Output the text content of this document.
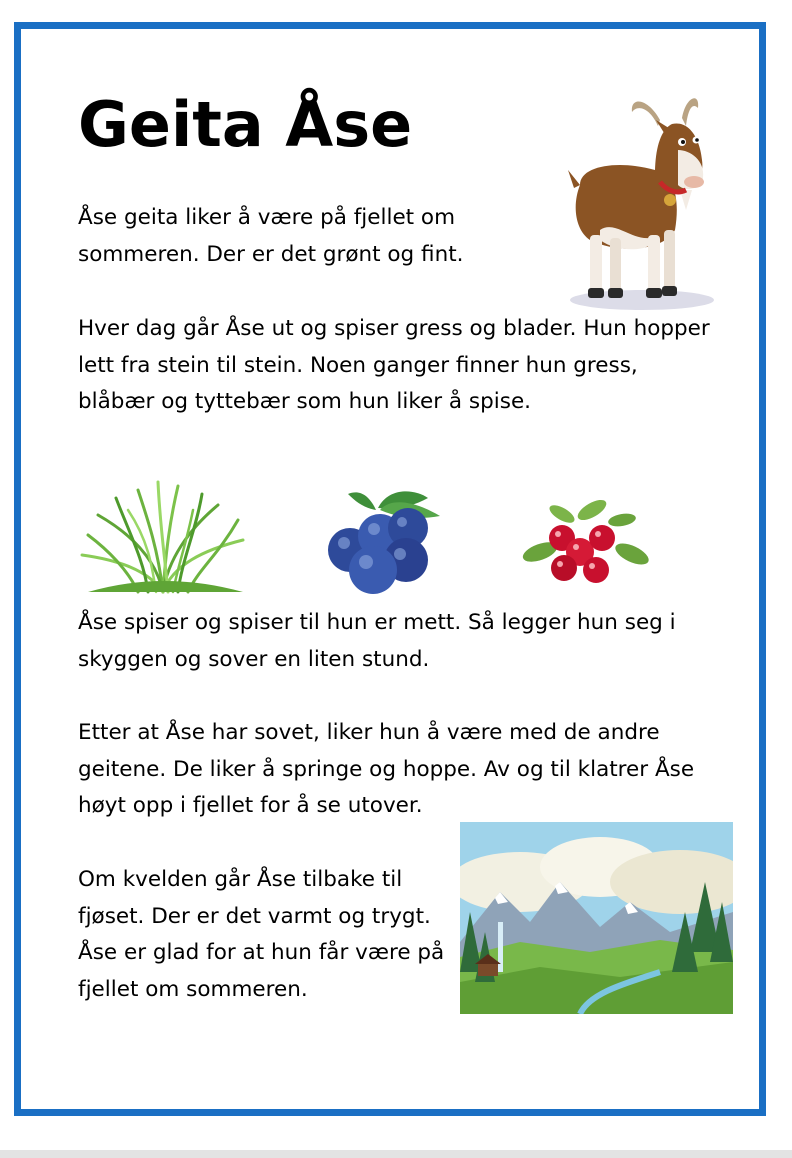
Geita Åse

Åse geita liker å være på fjellet om sommeren. Der er det grønt og fint.

Hver dag går Åse ut og spiser gress og blader. Hun hopper lett fra stein til stein. Noen ganger finner hun gress, blåbær og tyttebær som hun liker å spise.

Åse spiser og spiser til hun er mett. Så legger hun seg i skyggen og sover en liten stund.

Etter at Åse har sovet, liker hun å være med de andre geitene. De liker å springe og hoppe. Av og til klatrer Åse høyt opp i fjellet for å se utover.

Om kvelden går Åse tilbake til fjøset. Der er det varmt og trygt. Åse er glad for at hun får være på fjellet om sommeren.
